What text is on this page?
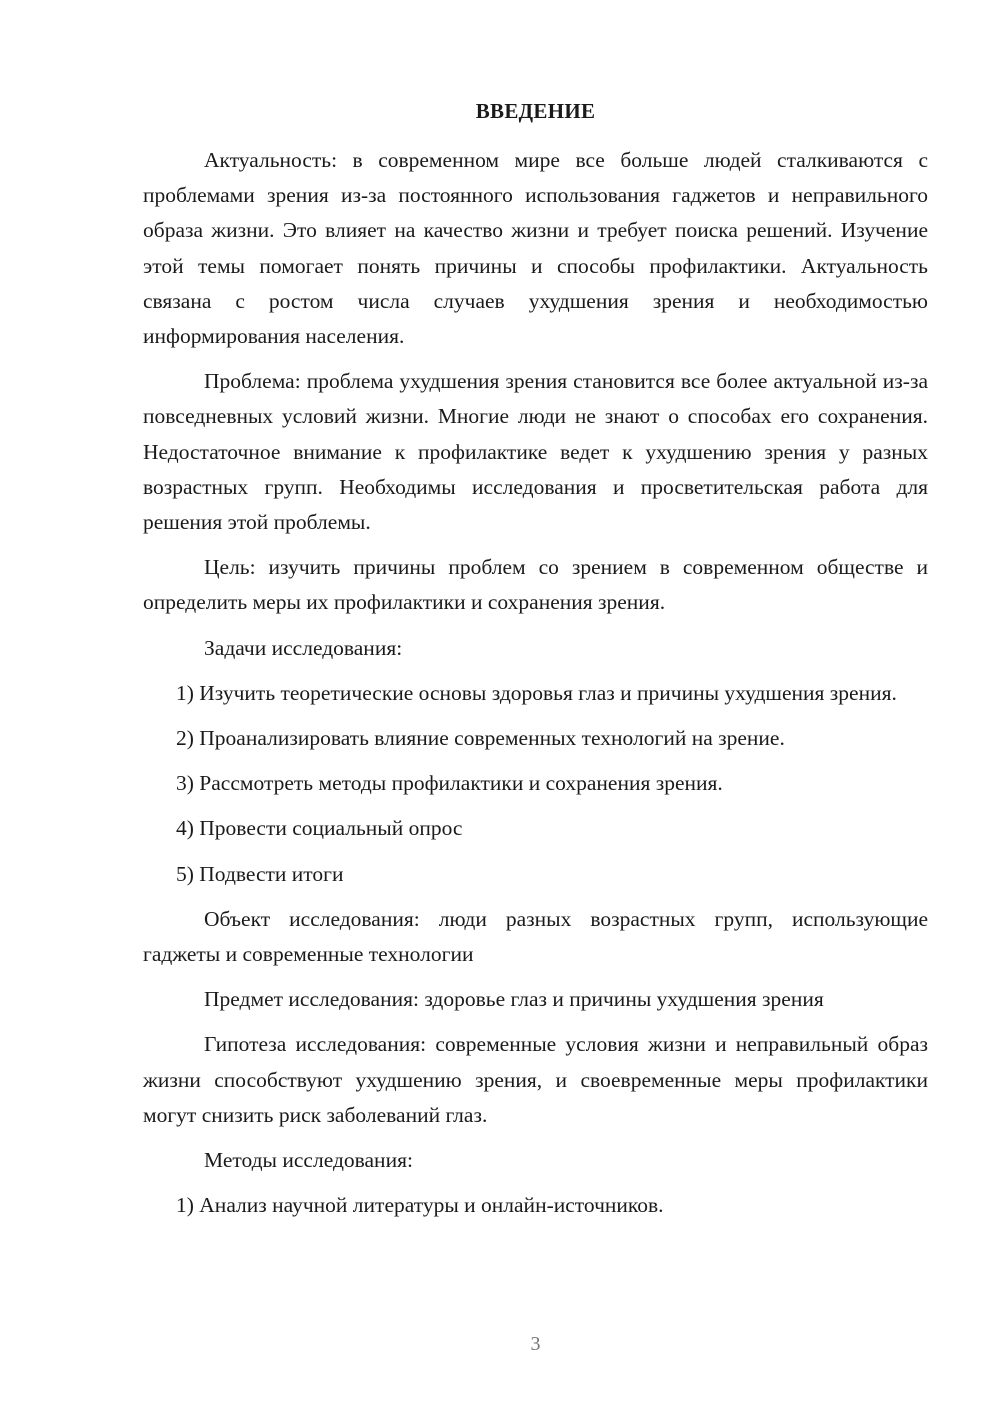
ВВЕДЕНИЕ

Актуальность: в современном мире все больше людей сталкиваются с проблемами зрения из-за постоянного использования гаджетов и неправильного образа жизни. Это влияет на качество жизни и требует поиска решений. Изучение этой темы помогает понять причины и способы профилактики. Актуальность связана с ростом числа случаев ухудшения зрения и необходимостью информирования населения.

Проблема: проблема ухудшения зрения становится все более актуальной из-за повседневных условий жизни. Многие люди не знают о способах его сохранения. Недостаточное внимание к профилактике ведет к ухудшению зрения у разных возрастных групп. Необходимы исследования и просветительская работа для решения этой проблемы.

Цель: изучить причины проблем со зрением в современном обществе и определить меры их профилактики и сохранения зрения.

Задачи исследования:

1) Изучить теоретические основы здоровья глаз и причины ухудшения зрения.

2) Проанализировать влияние современных технологий на зрение.

3) Рассмотреть методы профилактики и сохранения зрения.

4) Провести социальный опрос

5) Подвести итоги

Объект исследования: люди разных возрастных групп, использующие гаджеты и современные технологии

Предмет исследования: здоровье глаз и причины ухудшения зрения

Гипотеза исследования: современные условия жизни и неправильный образ жизни способствуют ухудшению зрения, и своевременные меры профилактики могут снизить риск заболеваний глаз.

Методы исследования:

1) Анализ научной литературы и онлайн-источников.

3
